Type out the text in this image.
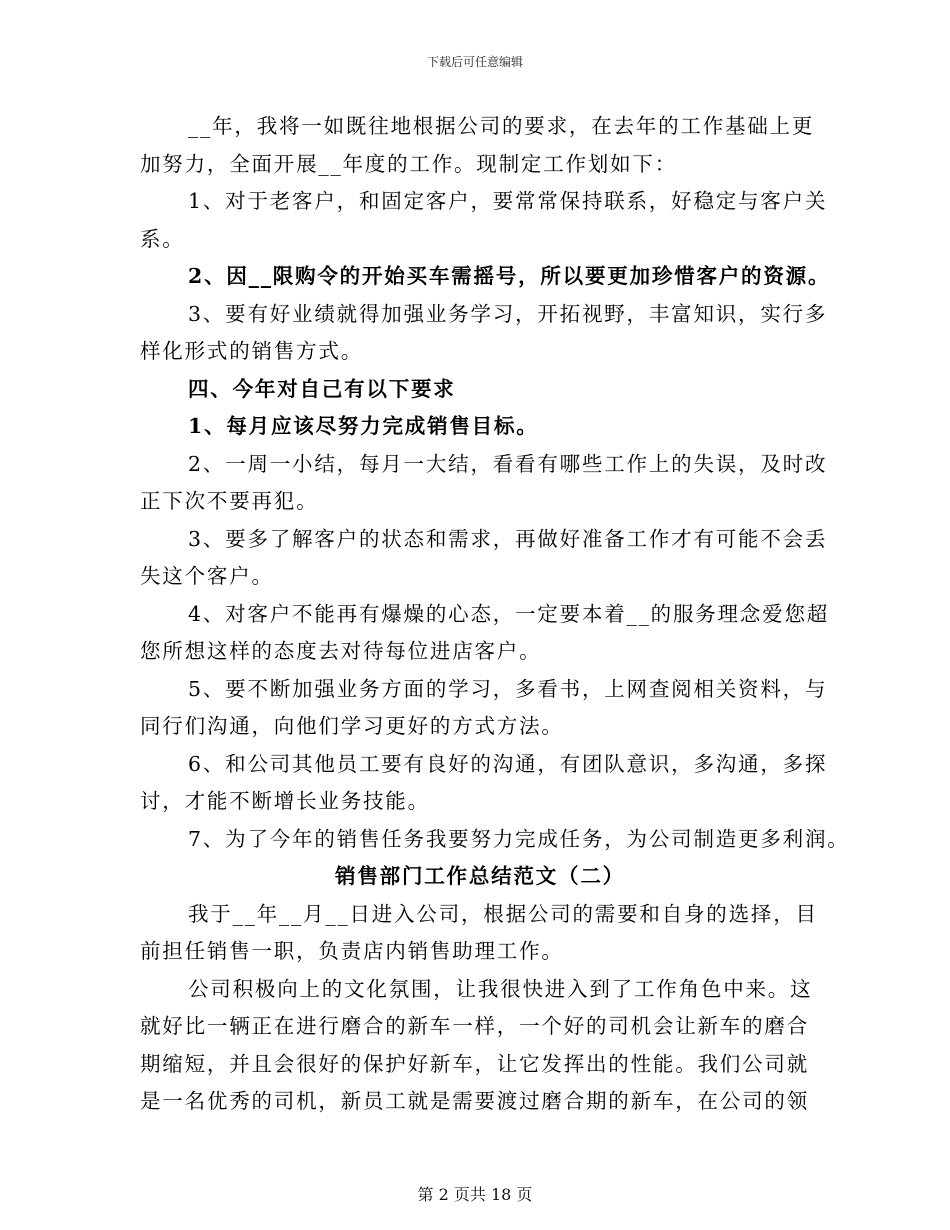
下载后可任意编辑
__年，我将一如既往地根据公司的要求，在去年的工作基础上更
加努力，全面开展__年度的工作。现制定工作划如下：
1、对于老客户，和固定客户，要常常保持联系，好稳定与客户关
系。
2、因__限购令的开始买车需摇号，所以要更加珍惜客户的资源。
3、要有好业绩就得加强业务学习，开拓视野，丰富知识，实行多
样化形式的销售方式。
四、今年对自己有以下要求
1、每月应该尽努力完成销售目标。
2、一周一小结，每月一大结，看看有哪些工作上的失误，及时改
正下次不要再犯。
3、要多了解客户的状态和需求，再做好准备工作才有可能不会丢
失这个客户。
4、对客户不能再有爆燥的心态，一定要本着__的服务理念爱您超
您所想这样的态度去对待每位进店客户。
5、要不断加强业务方面的学习，多看书，上网查阅相关资料，与
同行们沟通，向他们学习更好的方式方法。
6、和公司其他员工要有良好的沟通，有团队意识，多沟通，多探
讨，才能不断增长业务技能。
7、为了今年的销售任务我要努力完成任务，为公司制造更多利润。
销售部门工作总结范文（二）
我于__年__月__日进入公司，根据公司的需要和自身的选择，目
前担任销售一职，负责店内销售助理工作。
公司积极向上的文化氛围，让我很快进入到了工作角色中来。这
就好比一辆正在进行磨合的新车一样，一个好的司机会让新车的磨合
期缩短，并且会很好的保护好新车，让它发挥出的性能。我们公司就
是一名优秀的司机，新员工就是需要渡过磨合期的新车，在公司的领
第 2 页共 18 页
